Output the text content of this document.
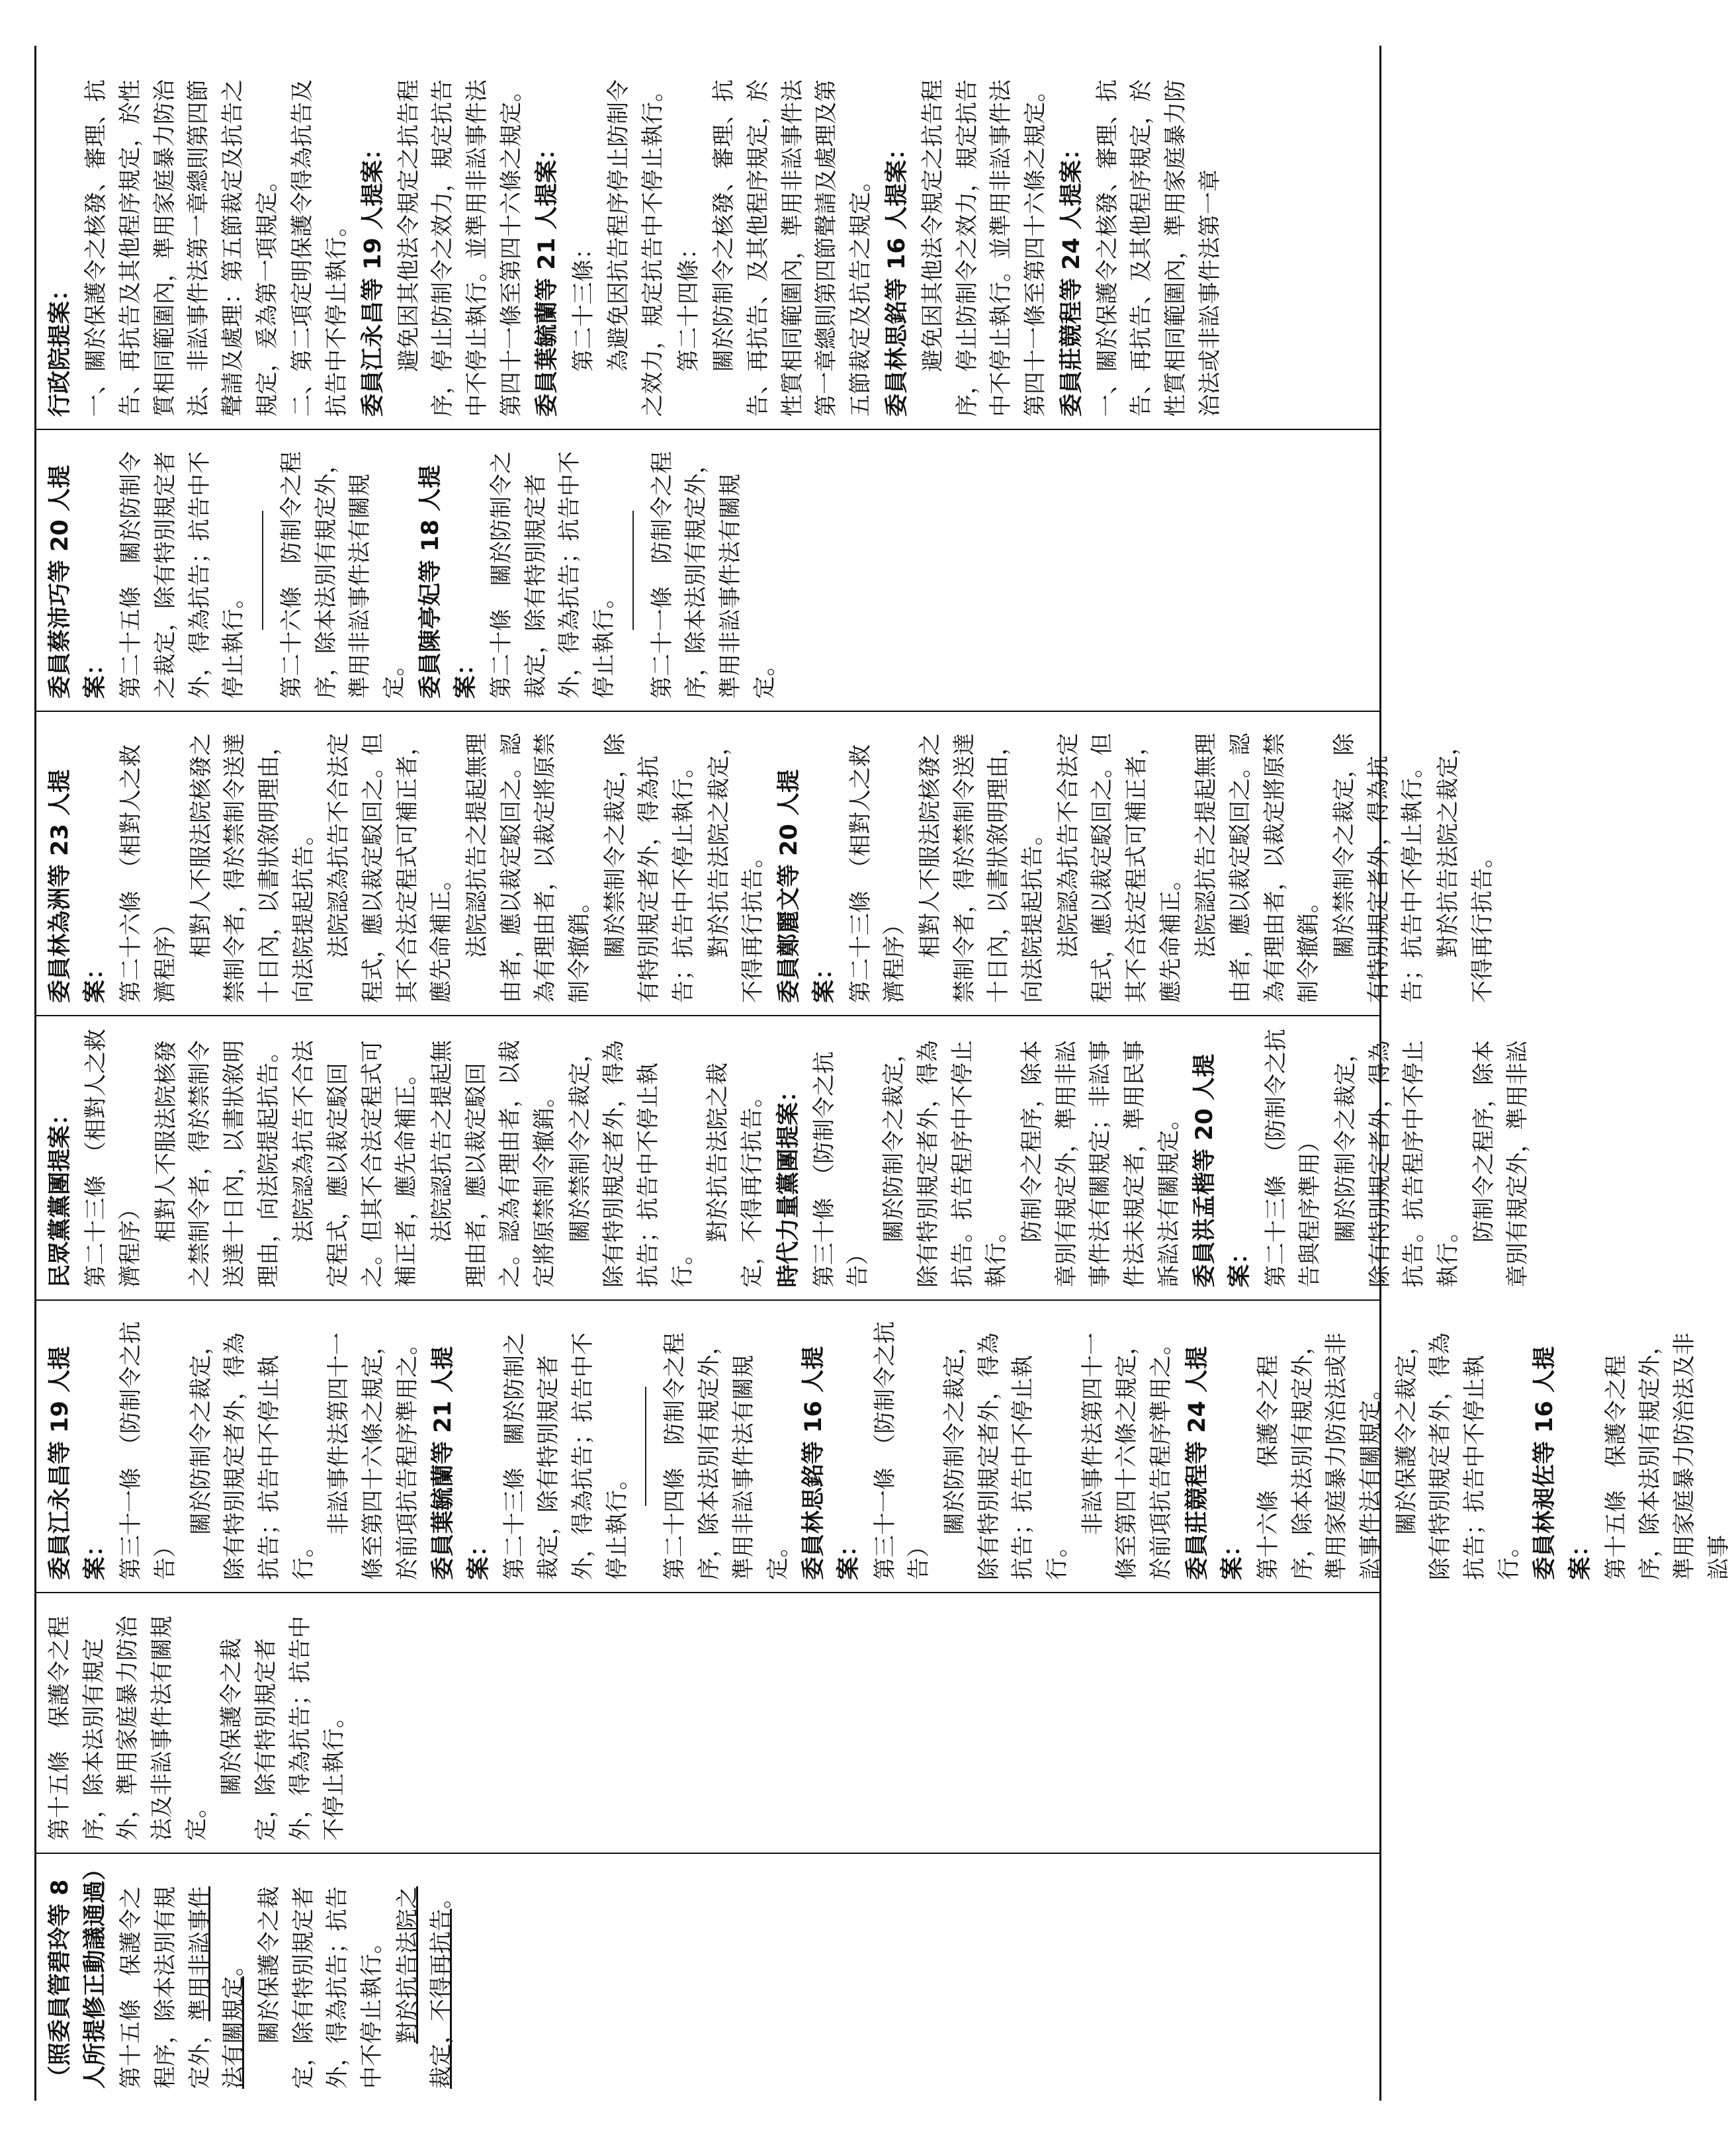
（照委員管碧玲等 8 人所提修正動議通過） 第十五條　保護令之程序，除本法別有規定外，準用非訟事件法有關規定。 關於保護令之裁定，除有特別規定者外，得為抗告；抗告中不停止執行。 對於抗告法院之裁定，不得再抗告。
第十五條　保護令之程序，除本法別有規定外，準用家庭暴力防治法及非訟事件法有關規定。
關於保護令之裁定，除有特別規定者外，得為抗告；抗告中不停止執行。
委員江永昌等 19 人提案： 第三十一條　（防制令之抗告）
關於防制令之裁定，除有特別規定者外，得為抗告；抗告中不停止執行。
非訟事件法第四十一條至第四十六條之規定，於前項抗告程序準用之。 委員葉毓蘭等 21 人提案： 第二十三條　關於防制之裁定，除有特別規定者外，得為抗告；抗告中不停止執行。 第二十四條　防制令之程序，除本法別有規定外，準用非訟事件法有關規定。 委員林思銘等 16 人提案： 第三十一條　（防制令之抗告）
關於防制令之裁定，除有特別規定者外，得為抗告；抗告中不停止執行。
非訟事件法第四十一條至第四十六條之規定，於前項抗告程序準用之。 委員莊競程等 24 人提案： 第十六條　保護令之程序，除本法別有規定外，準用家庭暴力防治法或非訟事件法有關規定。 關於保護令之裁定，除有特別規定者外，得為抗告；抗告中不停止執行。 委員林昶佐等 16 人提案： 第十五條　保護令之程序，除本法別有規定外，準用家庭暴力防治法及非訟事
民眾黨黨團提案： 第二十三條　（相對人之救濟程序） 相對人不服法院核發之禁制令者，得於禁制令送達十日內，以書狀敘明理由，向法院提起抗告。 法院認為抗告不合法定程式，應以裁定駁回之。但其不合法定程式可補正者，應先命補正。 法院認抗告之提起無理由者，應以裁定駁回之。認為有理由者，以裁定將原禁制令撤銷。 關於禁制令之裁定，除有特別規定者外，得為抗告；抗告中不停止執行。
對於抗告法院之裁定，不得再行抗告。 時代力量黨團提案： 第三十條　（防制令之抗告）
關於防制令之裁定，除有特別規定者外，得為抗告。抗告程序中不停止執行。
防制令之程序，除本章別有規定外，準用非訟事件法有關規定；非訟事件法未規定者，準用民事訴訟法有關規定。 委員洪孟楷等 20 人提案： 第二十三條　（防制令之抗告與程序準用） 關於防制令之裁定，除有特別規定者外，得為抗告。抗告程序中不停止執行。
防制令之程序，除本章別有規定外，準用非訟
委員林為洲等 23 人提案： 第二十六條　（相對人之救濟程序） 相對人不服法院核發之禁制令者，得於禁制令送達十日內，以書狀敘明理由，向法院提起抗告。 法院認為抗告不合法定程式，應以裁定駁回之。但其不合法定程式可補正者，應先命補正。 法院認抗告之提起無理由者，應以裁定駁回之。認為有理由者，以裁定將原禁制令撤銷。 關於禁制令之裁定，除有特別規定者外，得為抗告；抗告中不停止執行。 對於抗告法院之裁定，不得再行抗告。 委員鄭麗文等 20 人提案： 第二十三條　（相對人之救濟程序） 相對人不服法院核發之禁制令者，得於禁制令送達十日內，以書狀敘明理由，向法院提起抗告。 法院認為抗告不合法定程式，應以裁定駁回之。但其不合法定程式可補正者，應先命補正。 法院認抗告之提起無理由者，應以裁定駁回之。認為有理由者，以裁定將原禁制令撤銷。 關於禁制令之裁定，除有特別規定者外，得為抗告；抗告中不停止執行。 對於抗告法院之裁定，不得再行抗告。
委員蔡沛巧等 20 人提案： 第二十五條　關於防制令之裁定，除有特別規定者外，得為抗告；抗告中不停止執行。 第二十六條　防制令之程序，除本法別有規定外，準用非訟事件法有關規定。 委員陳亭妃等 18 人提案： 第二十條　關於防制令之裁定，除有特別規定者外，得為抗告；抗告中不停止執行。 第二十一條　防制令之程序，除本法別有規定外，準用非訟事件法有關規定。
行政院提案： 一、關於保護令之核發、審理、抗告、再抗告及其他程序規定，於性質相同範圍內，準用家庭暴力防治法、非訟事件法第一章總則第四節聲請及處理：第五節裁定及抗告之規定，爰為第一項規定。 二、第二項定明保護令得為抗告及抗告中不停止執行。 委員江永昌等 19 人提案： 避免因其他法令規定之抗告程序，停止防制令之效力，規定抗告中不停止執行。並準用非訟事件法第四十一條至第四十六條之規定。 委員葉毓蘭等 21 人提案： 第二十三條： 為避免因抗告程序停止防制令之效力，規定抗告中不停止執行。 第二十四條： 關於防制令之核發、審理、抗告、再抗告、及其他程序規定，於性質相同範圍內，準用非訟事件法第一章總則第四節聲請及處理及第五節裁定及抗告之規定。 委員林思銘等 16 人提案： 避免因其他法令規定之抗告程序，停止防制令之效力，規定抗告中不停止執行。並準用非訟事件法第四十一條至第四十六條之規定。 委員莊競程等 24 人提案： 一、關於保護令之核發、審理、抗告、再抗告、及其他程序規定，於性質相同範圍內，準用家庭暴力防治法或非訟事件法第一章
